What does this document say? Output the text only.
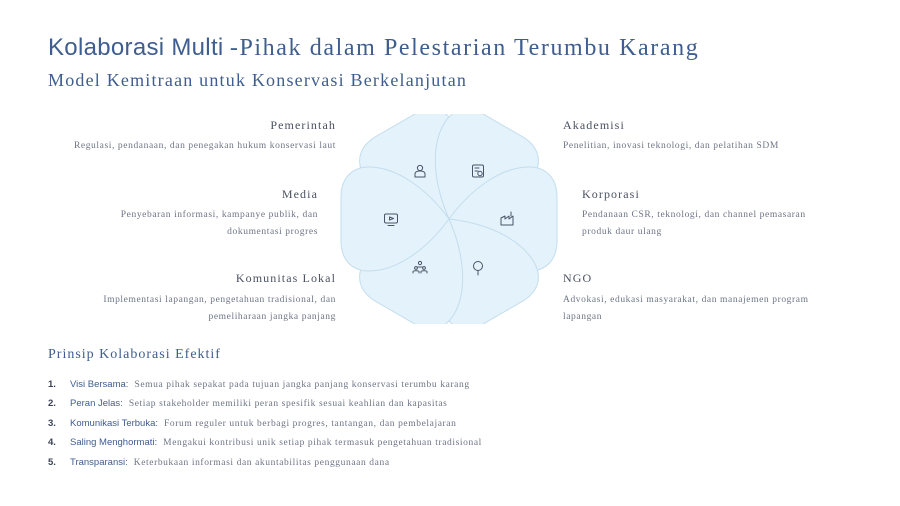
Kolaborasi Multi -Pihak dalam Pelestarian Terumbu Karang
Model Kemitraan untuk Konservasi Berkelanjutan
Pemerintah
Regulasi, pendanaan, dan penegakan hukum konservasi laut
Media
Penyebaran informasi, kampanye publik, dan
dokumentasi progres
Komunitas Lokal
Implementasi lapangan, pengetahuan tradisional, dan
pemeliharaan jangka panjang
Akademisi
Penelitian, inovasi teknologi, dan pelatihan SDM
Korporasi
Pendanaan CSR, teknologi, dan channel pemasaran
produk daur ulang
NGO
Advokasi, edukasi masyarakat, dan manajemen program
lapangan
Prinsip Kolaborasi Efektif
1.	Visi Bersama: Semua pihak sepakat pada tujuan jangka panjang konservasi terumbu karang
2.	Peran Jelas: Setiap stakeholder memiliki peran spesifik sesuai keahlian dan kapasitas
3.	Komunikasi Terbuka: Forum reguler untuk berbagi progres, tantangan, dan pembelajaran
4.	Saling Menghormati: Mengakui kontribusi unik setiap pihak termasuk pengetahuan tradisional
5.	Transparansi: Keterbukaan informasi dan akuntabilitas penggunaan dana
